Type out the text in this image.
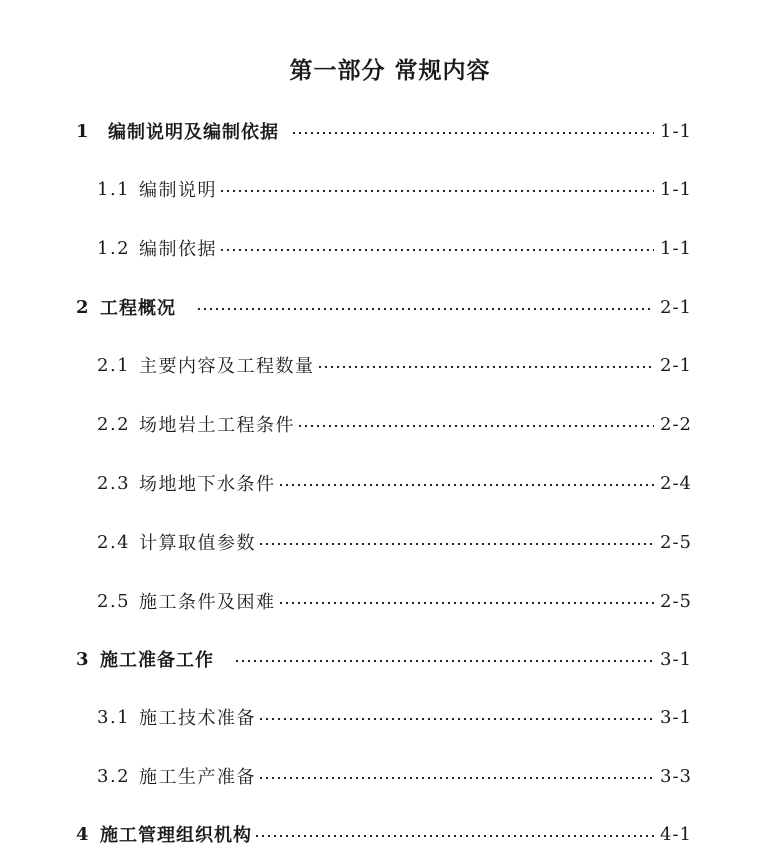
第一部分 常规内容
1	编制说明及编制依据	1-1
1.1 编制说明	1-1
1.2 编制依据	1-1
2 工程概况	2-1
2.1 主要内容及工程数量	2-1
2.2 场地岩土工程条件	2-2
2.3 场地地下水条件	2-4
2.4 计算取值参数	2-5
2.5 施工条件及困难	2-5
3 施工准备工作	3-1
3.1 施工技术准备	3-1
3.2 施工生产准备	3-3
4 施工管理组织机构	4-1
